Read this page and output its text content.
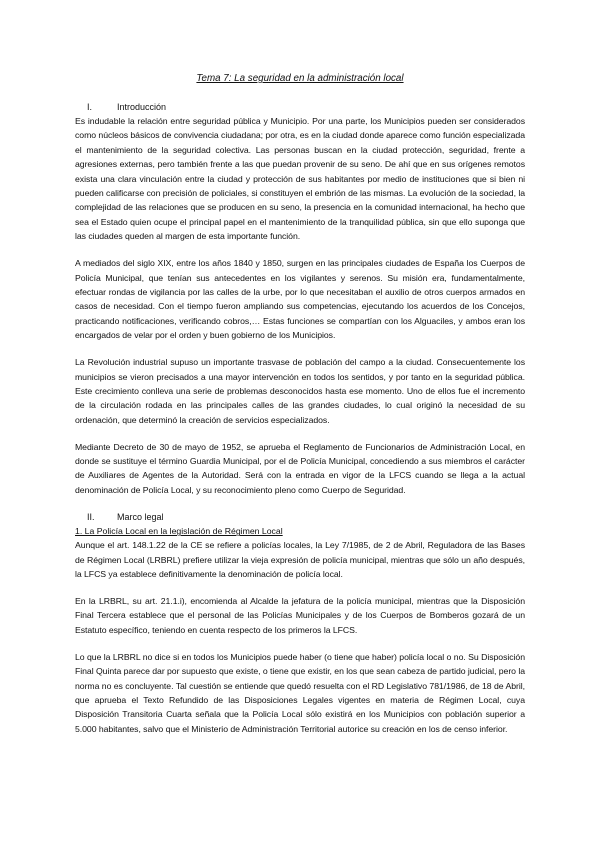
Tema 7: La seguridad en la administración local
I.	Introducción

Es indudable la relación entre seguridad pública y Municipio. Por una parte, los Municipios pueden ser considerados como núcleos básicos de convivencia ciudadana; por otra, es en la ciudad donde aparece como función especializada el mantenimiento de la seguridad colectiva. Las personas buscan en la ciudad protección, seguridad, frente a agresiones externas, pero también frente a las que puedan provenir de su seno. De ahí que en sus orígenes remotos exista una clara vinculación entre la ciudad y protección de sus habitantes por medio de instituciones que si bien ni pueden calificarse con precisión de policiales, si constituyen el embrión de las mismas. La evolución de la sociedad, la complejidad de las relaciones que se producen en su seno, la presencia en la comunidad internacional, ha hecho que sea el Estado quien ocupe el principal papel en el mantenimiento de la tranquilidad pública, sin que ello suponga que las ciudades queden al margen de esta importante función.

A mediados del siglo XIX, entre los años 1840 y 1850, surgen en las principales ciudades de España los Cuerpos de Policía Municipal, que tenían sus antecedentes en los vigilantes y serenos. Su misión era, fundamentalmente, efectuar rondas de vigilancia por las calles de la urbe, por lo que necesitaban el auxilio de otros cuerpos armados en casos de necesidad. Con el tiempo fueron ampliando sus competencias, ejecutando los acuerdos de los Concejos, practicando notificaciones, verificando cobros,… Estas funciones se compartían con los Alguaciles, y ambos eran los encargados de velar por el orden y buen gobierno de los Municipios.

La Revolución industrial supuso un importante trasvase de población del campo a la ciudad. Consecuentemente los municipios se vieron precisados a una mayor intervención en todos los sentidos, y por tanto en la seguridad pública. Este crecimiento conlleva una serie de problemas desconocidos hasta ese momento. Uno de ellos fue el incremento de la circulación rodada en las principales calles de las grandes ciudades, lo cual originó la necesidad de su ordenación, que determinó la creación de servicios especializados.

Mediante Decreto de 30 de mayo de 1952, se aprueba el Reglamento de Funcionarios de Administración Local, en donde se sustituye el término Guardia Municipal, por el de Policía Municipal, concediendo a sus miembros el carácter de Auxiliares de Agentes de la Autoridad. Será con la entrada en vigor de la LFCS cuando se llega a la actual denominación de Policía Local, y su reconocimiento pleno como Cuerpo de Seguridad.

II.	Marco legal
1. La Policía Local en la legislación de Régimen Local

Aunque el art. 148.1.22 de la CE se refiere a policías locales, la Ley 7/1985, de 2 de Abril, Reguladora de las Bases de Régimen Local (LRBRL) prefiere utilizar la vieja expresión de policía municipal, mientras que sólo un año después, la LFCS ya establece definitivamente la denominación de policía local.

En la LRBRL, su art. 21.1.i), encomienda al Alcalde la jefatura de la policía municipal, mientras que la Disposición Final Tercera establece que el personal de las Policías Municipales y de los Cuerpos de Bomberos gozará de un Estatuto específico, teniendo en cuenta respecto de los primeros la LFCS.

Lo que la LRBRL no dice si en todos los Municipios puede haber (o tiene que haber) policía local o no. Su Disposición Final Quinta parece dar por supuesto que existe, o tiene que existir, en los que sean cabeza de partido judicial, pero la norma no es concluyente. Tal cuestión se entiende que quedó resuelta con el RD Legislativo 781/1986, de 18 de Abril, que aprueba el Texto Refundido de las Disposiciones Legales vigentes en materia de Régimen Local, cuya Disposición Transitoria Cuarta señala que la Policía Local sólo existirá en los Municipios con población superior a 5.000 habitantes, salvo que el Ministerio de Administración Territorial autorice su creación en los de censo inferior.
